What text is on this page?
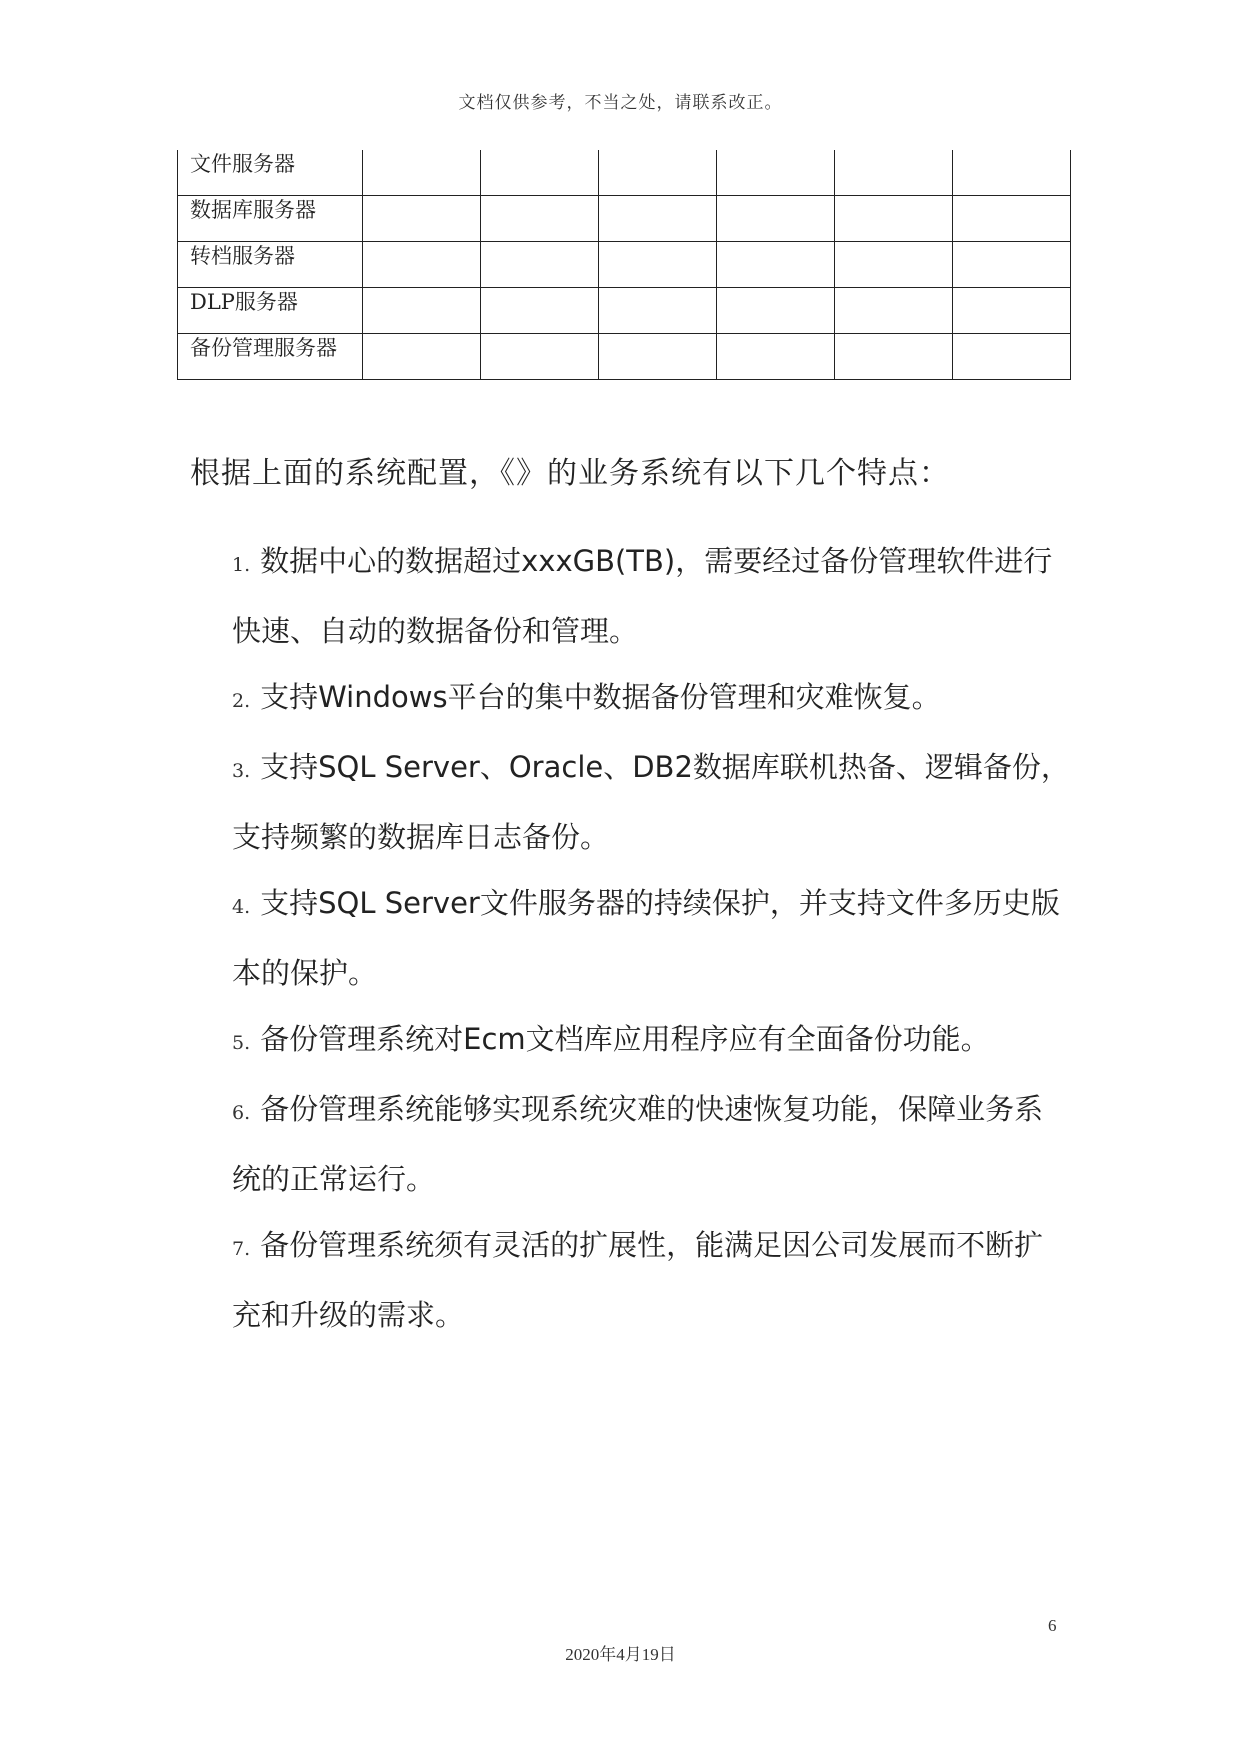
文档仅供参考，不当之处，请联系改正。
文件服务器						
数据库服务器						
转档服务器						
DLP服务器						
备份管理服务器						
根据上面的系统配置，《》的业务系统有以下几个特点：

1. 数据中心的数据超过xxxGB(TB)，需要经过备份管理软件进行快速、自动的数据备份和管理。

2. 支持Windows平台的集中数据备份管理和灾难恢复。

3. 支持SQL Server、Oracle、DB2数据库联机热备、逻辑备份，支持频繁的数据库日志备份。

4. 支持SQL Server文件服务器的持续保护，并支持文件多历史版本的保护。

5. 备份管理系统对Ecm文档库应用程序应有全面备份功能。

6. 备份管理系统能够实现系统灾难的快速恢复功能，保障业务系统的正常运行。

7. 备份管理系统须有灵活的扩展性，能满足因公司发展而不断扩充和升级的需求。

6
2020年4月19日
